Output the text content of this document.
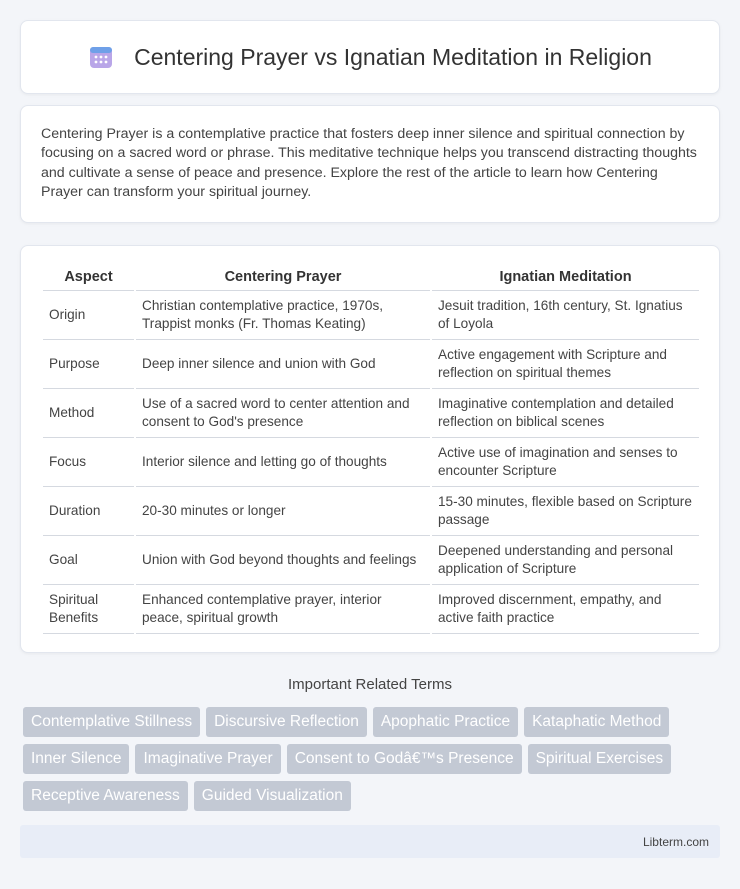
Centering Prayer vs Ignatian Meditation in Religion

Centering Prayer is a contemplative practice that fosters deep inner silence and spiritual connection by focusing on a sacred word or phrase. This meditative technique helps you transcend distracting thoughts and cultivate a sense of peace and presence. Explore the rest of the article to learn how Centering Prayer can transform your spiritual journey.

Aspect	Centering Prayer	Ignatian Meditation
Origin	Christian contemplative practice, 1970s, Trappist monks (Fr. Thomas Keating)	Jesuit tradition, 16th century, St. Ignatius of Loyola
Purpose	Deep inner silence and union with God	Active engagement with Scripture and reflection on spiritual themes
Method	Use of a sacred word to center attention and consent to God's presence	Imaginative contemplation and detailed reflection on biblical scenes
Focus	Interior silence and letting go of thoughts	Active use of imagination and senses to encounter Scripture
Duration	20-30 minutes or longer	15-30 minutes, flexible based on Scripture passage
Goal	Union with God beyond thoughts and feelings	Deepened understanding and personal application of Scripture
Spiritual Benefits	Enhanced contemplative prayer, interior peace, spiritual growth	Improved discernment, empathy, and active faith practice
Important Related Terms
Contemplative Stillness	Discursive Reflection	Apophatic Practice	Kataphatic Method
Inner Silence	Imaginative Prayer	Consent to Godâ€™s Presence	Spiritual Exercises
Receptive Awareness	Guided Visualization
Libterm.com
